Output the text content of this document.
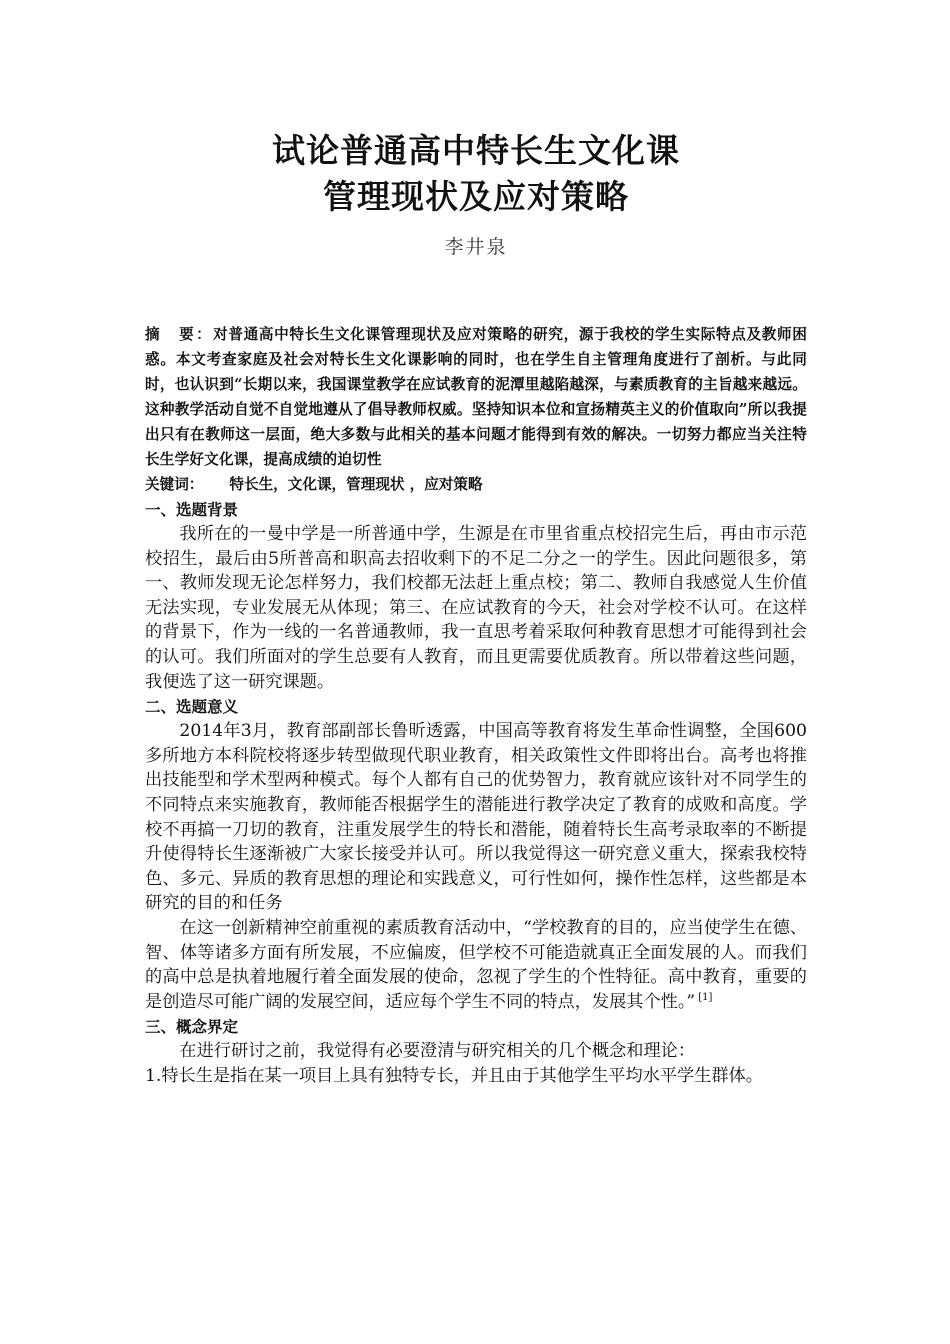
试论普通高中特长生文化课
管理现状及应对策略
李井泉
摘　要：对普通高中特长生文化课管理现状及应对策略的研究，源于我校的学生实际特点及教师困惑。本文考查家庭及社会对特长生文化课影响的同时，也在学生自主管理角度进行了剖析。与此同时，也认识到“长期以来，我国课堂教学在应试教育的泥潭里越陷越深，与素质教育的主旨越来越远。这种教学活动自觉不自觉地遵从了倡导教师权威。坚持知识本位和宣扬精英主义的价值取向”所以我提出只有在教师这一层面，绝大多数与此相关的基本问题才能得到有效的解决。一切努力都应当关注特长生学好文化课，提高成绩的迫切性
关键词： 特长生，文化课，管理现状 ，应对策略
一、选题背景

我所在的一曼中学是一所普通中学，生源是在市里省重点校招完生后，再由市示范校招生，最后由5所普高和职高去招收剩下的不足二分之一的学生。因此问题很多，第一、教师发现无论怎样努力，我们校都无法赶上重点校；第二、教师自我感觉人生价值无法实现，专业发展无从体现；第三、在应试教育的今天，社会对学校不认可。在这样的背景下，作为一线的一名普通教师，我一直思考着采取何种教育思想才可能得到社会的认可。我们所面对的学生总要有人教育，而且更需要优质教育。所以带着这些问题，我便选了这一研究课题。

二、选题意义

2014年3月，教育部副部长鲁昕透露，中国高等教育将发生革命性调整，全国600多所地方本科院校将逐步转型做现代职业教育，相关政策性文件即将出台。高考也将推出技能型和学术型两种模式。每个人都有自己的优势智力，教育就应该针对不同学生的不同特点来实施教育，教师能否根据学生的潜能进行教学决定了教育的成败和高度。学校不再搞一刀切的教育，注重发展学生的特长和潜能，随着特长生高考录取率的不断提升使得特长生逐渐被广大家长接受并认可。所以我觉得这一研究意义重大，探索我校特色、多元、异质的教育思想的理论和实践意义，可行性如何，操作性怎样，这些都是本研究的目的和任务

在这一创新精神空前重视的素质教育活动中，“学校教育的目的，应当使学生在德、智、体等诸多方面有所发展，不应偏废，但学校不可能造就真正全面发展的人。而我们的高中总是执着地履行着全面发展的使命，忽视了学生的个性特征。高中教育，重要的是创造尽可能广阔的发展空间，适应每个学生不同的特点，发展其个性。” [1]

三、概念界定

在进行研讨之前，我觉得有必要澄清与研究相关的几个概念和理论：

1.特长生是指在某一项目上具有独特专长，并且由于其他学生平均水平学生群体。
